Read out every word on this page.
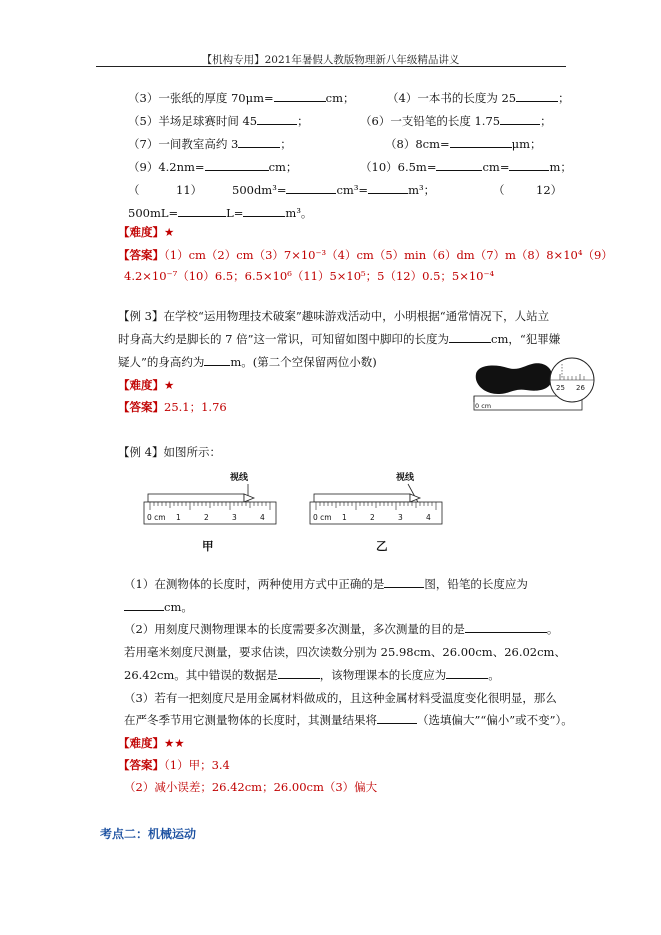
【机构专用】2021年暑假人教版物理新八年级精品讲义
（3）一张纸的厚度 70μm=	cm；	（4）一本书的长度为 25	；
（5）半场足球赛时间 45	；	（6）一支铅笔的长度 1.75	；
（7）一间教室高约 3	；	（8）8cm=	μm；
（9）4.2nm=	cm；	（10）6.5m=	cm=	m；
（	11）	500dm³=	cm³=	m³；	（	12）
500mL=	L=	m³。
【难度】★
【答案】（1）cm（2）cm（3）7×10⁻³（4）cm（5）min（6）dm（7）m（8）8×10⁴（9）
4.2×10⁻⁷（10）6.5；6.5×10⁶（11）5×10⁵；5（12）0.5；5×10⁻⁴
【例 3】在学校“运用物理技术破案”趣味游戏活动中，小明根据“通常情况下，人站立
时身高大约是脚长的 7 倍”这一常识，可知留如图中脚印的长度为	cm，“犯罪嫌
疑人”的身高约为 m。(第二个空保留两位小数)
【难度】★
【答案】25.1；1.76	0 cm
25 26
【例 4】如图所示：
视线
0 cm 1	2	3	4
甲
视线
0 cm 1	2	3	4
乙
（1）在测物体的长度时，两种使用方式中正确的是	图，铅笔的长度应为
cm。
（2）用刻度尺测物理课本的长度需要多次测量，多次测量的目的是	。
若用毫米刻度尺测量，要求估读，四次读数分别为 25.98cm、26.00cm、26.02cm、
26.42cm。其中错误的数据是	，该物理课本的长度应为	。
（3）若有一把刻度尺是用金属材料做成的，且这种金属材料受温度变化很明显，那么
在严冬季节用它测量物体的长度时，其测量结果将	（选填偏大”“偏小”或不变”）。
【难度】★★
【答案】（1）甲；3.4
（2）减小误差；26.42cm；26.00cm（3）偏大
考点二：机械运动
